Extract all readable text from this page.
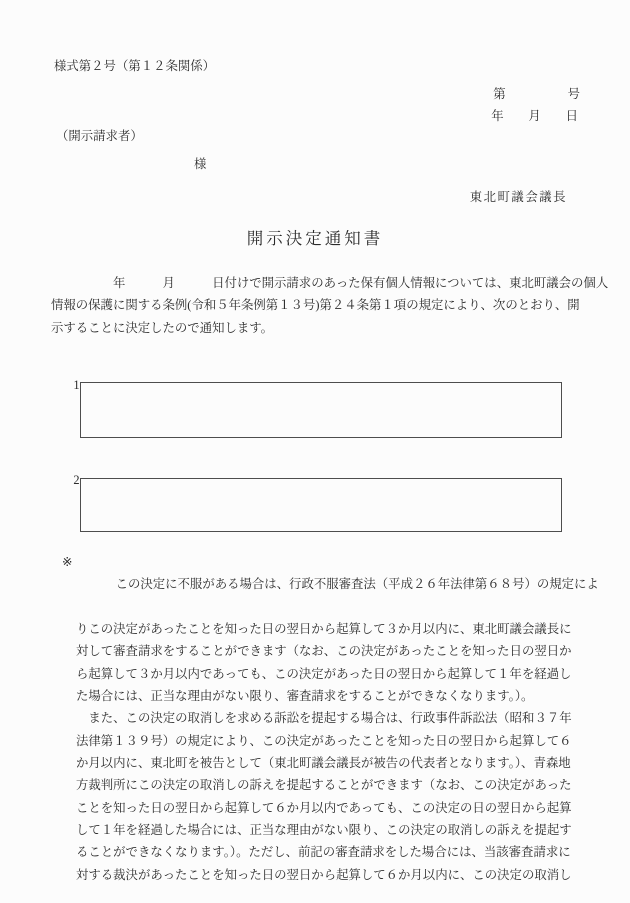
様式第２号（第１２条関係）
第　　　　　号
年　　月　　日
（開示請求者）
様
東北町議会議長
開示決定通知書
　　　　　年　　　月　　　日付けで開示請求のあった保有個人情報については、東北町議会の個人
情報の保護に関する条例(令和５年条例第１３号)第２４条第１項の規定により、次のとおり、開
示することに決定したので通知します。

1

2

※
この決定に不服がある場合は、行政不服審査法（平成２６年法律第６８号）の規定によ

りこの決定があったことを知った日の翌日から起算して３か月以内に、東北町議会議長に
対して審査請求をすることができます（なお、この決定があったことを知った日の翌日か
ら起算して３か月以内であっても、この決定があった日の翌日から起算して１年を経過し
た場合には、正当な理由がない限り、審査請求をすることができなくなります。）。
　また、この決定の取消しを求める訴訟を提起する場合は、行政事件訴訟法（昭和３７年
法律第１３９号）の規定により、この決定があったことを知った日の翌日から起算して６
か月以内に、東北町を被告として（東北町議会議長が被告の代表者となります。）、青森地
方裁判所にこの決定の取消しの訴えを提起することができます（なお、この決定があった
ことを知った日の翌日から起算して６か月以内であっても、この決定の日の翌日から起算
して１年を経過した場合には、正当な理由がない限り、この決定の取消しの訴えを提起す
ることができなくなります。）。ただし、前記の審査請求をした場合には、当該審査請求に
対する裁決があったことを知った日の翌日から起算して６か月以内に、この決定の取消し
